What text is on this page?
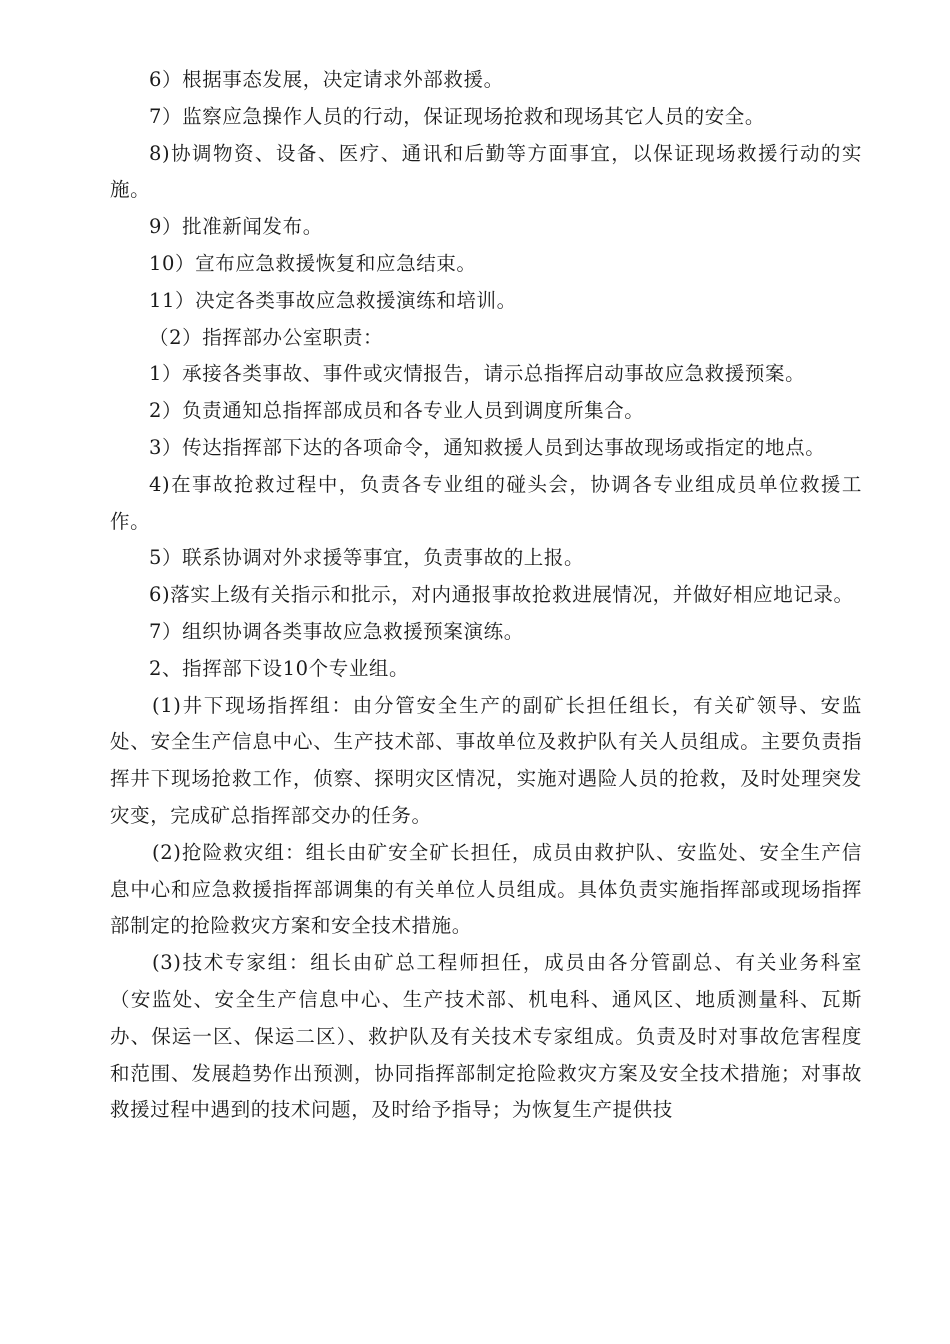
6）根据事态发展，决定请求外部救援。

7）监察应急操作人员的行动，保证现场抢救和现场其它人员的安全。

8)协调物资、设备、医疗、通讯和后勤等方面事宜，以保证现场救援行动的实施。

9）批准新闻发布。

10）宣布应急救援恢复和应急结束。

11）决定各类事故应急救援演练和培训。

（2）指挥部办公室职责：

1）承接各类事故、事件或灾情报告，请示总指挥启动事故应急救援预案。

2）负责通知总指挥部成员和各专业人员到调度所集合。

3）传达指挥部下达的各项命令，通知救援人员到达事故现场或指定的地点。

4)在事故抢救过程中，负责各专业组的碰头会，协调各专业组成员单位救援工作。

5）联系协调对外求援等事宜，负责事故的上报。

6)落实上级有关指示和批示，对内通报事故抢救进展情况，并做好相应地记录。

7）组织协调各类事故应急救援预案演练。

2、指挥部下设10个专业组。

(1)井下现场指挥组：由分管安全生产的副矿长担任组长，有关矿领导、安监处、安全生产信息中心、生产技术部、事故单位及救护队有关人员组成。主要负责指挥井下现场抢救工作，侦察、探明灾区情况，实施对遇险人员的抢救，及时处理突发灾变，完成矿总指挥部交办的任务。

(2)抢险救灾组：组长由矿安全矿长担任，成员由救护队、安监处、安全生产信息中心和应急救援指挥部调集的有关单位人员组成。具体负责实施指挥部或现场指挥部制定的抢险救灾方案和安全技术措施。

(3)技术专家组：组长由矿总工程师担任，成员由各分管副总、有关业务科室（安监处、安全生产信息中心、生产技术部、机电科、通风区、地质测量科、瓦斯办、保运一区、保运二区）、救护队及有关技术专家组成。负责及时对事故危害程度和范围、发展趋势作出预测，协同指挥部制定抢险救灾方案及安全技术措施；对事故救援过程中遇到的技术问题，及时给予指导；为恢复生产提供技
